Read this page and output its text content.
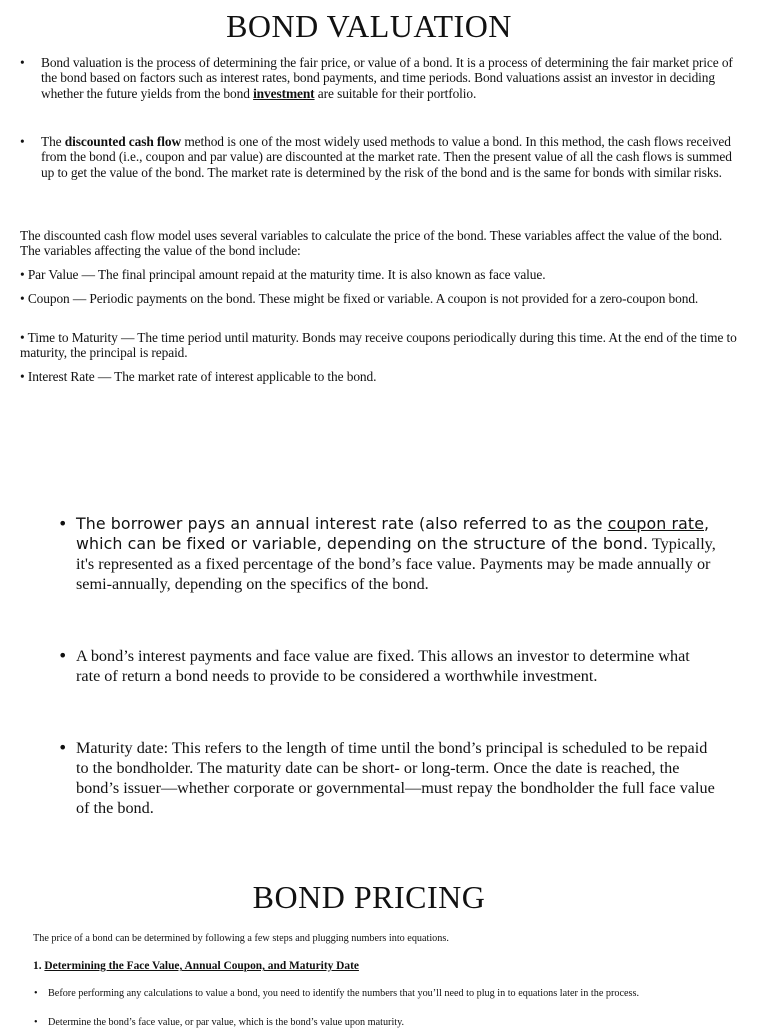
BOND VALUATION
• Bond valuation is the process of determining the fair price, or value of a bond. It is a process of determining the fair market price of the bond based on factors such as interest rates, bond payments, and time periods. Bond valuations assist an investor in deciding whether the future yields from the bond investment are suitable for their portfolio.

• The discounted cash flow method is one of the most widely used methods to value a bond. In this method, the cash flows received from the bond (i.e., coupon and par value) are discounted at the market rate. Then the present value of all the cash flows is summed up to get the value of the bond. The market rate is determined by the risk of the bond and is the same for bonds with similar risks.

The discounted cash flow model uses several variables to calculate the price of the bond. These variables affect the value of the bond. The variables affecting the value of the bond include:

• Par Value — The final principal amount repaid at the maturity time. It is also known as face value.

• Coupon — Periodic payments on the bond. These might be fixed or variable. A coupon is not provided for a zero-coupon bond.

• Time to Maturity — The time period until maturity. Bonds may receive coupons periodically during this time. At the end of the time to maturity, the principal is repaid.

• Interest Rate — The market rate of interest applicable to the bond.

• The borrower pays an annual interest rate (also referred to as the coupon rate, which can be fixed or variable, depending on the structure of the bond. Typically, it's represented as a fixed percentage of the bond’s face value. Payments may be made annually or semi-annually, depending on the specifics of the bond.

• A bond’s interest payments and face value are fixed. This allows an investor to determine what rate of return a bond needs to provide to be considered a worthwhile investment.

• Maturity date: This refers to the length of time until the bond’s principal is scheduled to be repaid to the bondholder. The maturity date can be short- or long-term. Once the date is reached, the bond’s issuer—whether corporate or governmental—must repay the bondholder the full face value of the bond.

BOND PRICING

The price of a bond can be determined by following a few steps and plugging numbers into equations.

1. Determining the Face Value, Annual Coupon, and Maturity Date

• Before performing any calculations to value a bond, you need to identify the numbers that you’ll need to plug in to equations later in the process.

• Determine the bond’s face value, or par value, which is the bond’s value upon maturity.
